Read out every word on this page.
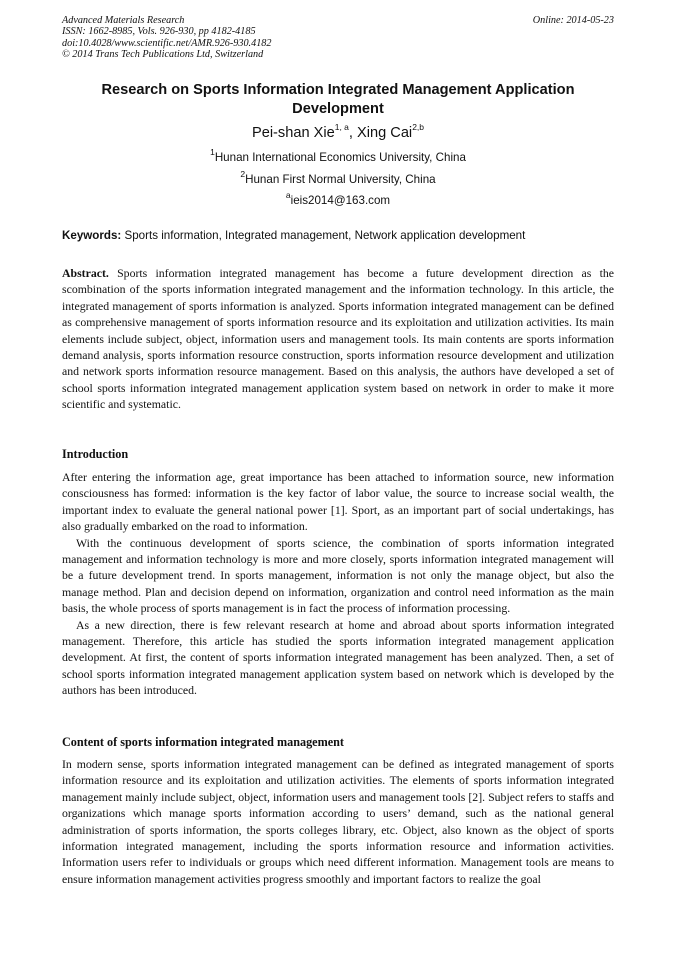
Advanced Materials Research
ISSN: 1662-8985, Vols. 926-930, pp 4182-4185
doi:10.4028/www.scientific.net/AMR.926-930.4182
© 2014 Trans Tech Publications Ltd, Switzerland
Online: 2014-05-23
Research on Sports Information Integrated Management Application Development
Pei-shan Xie$^{1, a}$, Xing Cai$^{2,b}$
$^1$Hunan International Economics University, China
$^2$Hunan First Normal University, China
$^a$ieis2014@163.com
Keywords: Sports information, Integrated management, Network application development

Abstract. Sports information integrated management has become a future development direction as the scombination of the sports information integrated management and the information technology. In this article, the integrated management of sports information is analyzed. Sports information integrated management can be defined as comprehensive management of sports information resource and its exploitation and utilization activities. Its main elements include subject, object, information users and management tools. Its main contents are sports information demand analysis, sports information resource construction, sports information resource development and utilization and network sports information resource management. Based on this analysis, the authors have developed a set of school sports information integrated management application system based on network in order to make it more scientific and systematic.

Introduction

After entering the information age, great importance has been attached to information source, new information consciousness has formed: information is the key factor of labor value, the source to increase social wealth, the important index to evaluate the general national power [1]. Sport, as an important part of social undertakings, has also gradually embarked on the road to information.

With the continuous development of sports science, the combination of sports information integrated management and information technology is more and more closely, sports information integrated management will be a future development trend. In sports management, information is not only the manage object, but also the manage method. Plan and decision depend on information, organization and control need information as the main basis, the whole process of sports management is in fact the process of information processing.

As a new direction, there is few relevant research at home and abroad about sports information integrated management. Therefore, this article has studied the sports information integrated management application development. At first, the content of sports information integrated management has been analyzed. Then, a set of school sports information integrated management application system based on network which is developed by the authors has been introduced.

Content of sports information integrated management

In modern sense, sports information integrated management can be defined as integrated management of sports information resource and its exploitation and utilization activities. The elements of sports information integrated management mainly include subject, object, information users and management tools [2]. Subject refers to staffs and organizations which manage sports information according to users’ demand, such as the national general administration of sports information, the sports colleges library, etc. Object, also known as the object of sports information integrated management, including the sports information resource and information activities. Information users refer to individuals or groups which need different information. Management tools are means to ensure information management activities progress smoothly and important factors to realize the goal
